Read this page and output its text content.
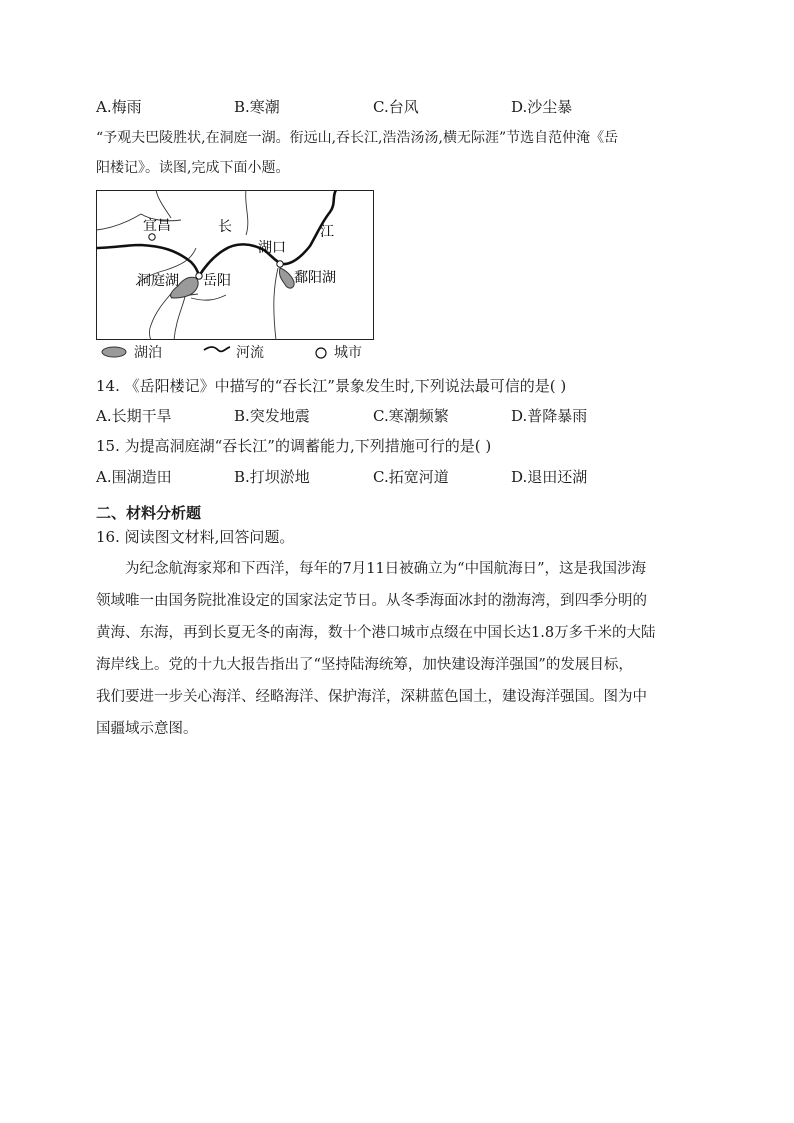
A.梅雨	B.寒潮	C.台风	D.沙尘暴
“予观夫巴陵胜状,在洞庭一湖。衔远山,吞长江,浩浩汤汤,横无际涯”节选自范仲淹《岳
阳楼记》。读图,完成下面小题。
宜昌	长	江
湖口
洞庭湖 岳阳	鄱阳湖
湖泊	河流	城市
14. 《岳阳楼记》中描写的“吞长江”景象发生时,下列说法最可信的是( )
A.长期干旱	B.突发地震	C.寒潮频繁	D.普降暴雨
15. 为提高洞庭湖“吞长江”的调蓄能力,下列措施可行的是( )
A.围湖造田	B.打坝淤地	C.拓宽河道	D.退田还湖
二、材料分析题
16. 阅读图文材料,回答问题。
　　为纪念航海家郑和下西洋，每年的7月11日被确立为“中国航海日”，这是我国涉海
领域唯一由国务院批准设定的国家法定节日。从冬季海面冰封的渤海湾，到四季分明的
黄海、东海，再到长夏无冬的南海，数十个港口城市点缀在中国长达1.8万多千米的大陆
海岸线上。党的十九大报告指出了“坚持陆海统筹，加快建设海洋强国”的发展目标，
我们要进一步关心海洋、经略海洋、保护海洋，深耕蓝色国土，建设海洋强国。图为中
国疆域示意图。
